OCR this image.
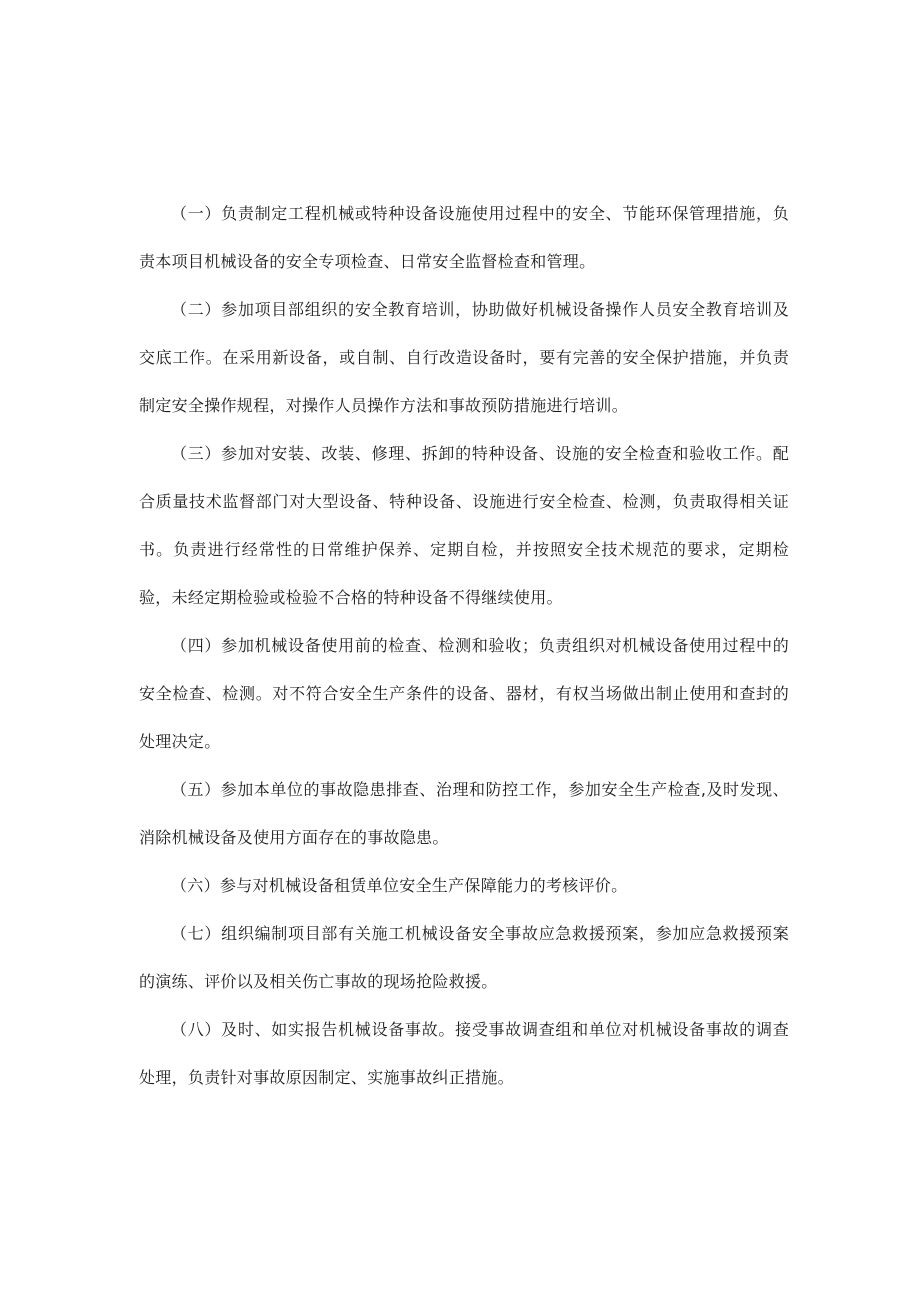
（一）负责制定工程机械或特种设备设施使用过程中的安全、节能环保管理措施，负责本项目机械设备的安全专项检查、日常安全监督检查和管理。

（二）参加项目部组织的安全教育培训，协助做好机械设备操作人员安全教育培训及交底工作。在采用新设备，或自制、自行改造设备时，要有完善的安全保护措施，并负责制定安全操作规程，对操作人员操作方法和事故预防措施进行培训。

（三）参加对安装、改装、修理、拆卸的特种设备、设施的安全检查和验收工作。配合质量技术监督部门对大型设备、特种设备、设施进行安全检查、检测，负责取得相关证书。负责进行经常性的日常维护保养、定期自检，并按照安全技术规范的要求，定期检验，未经定期检验或检验不合格的特种设备不得继续使用。

（四）参加机械设备使用前的检查、检测和验收；负责组织对机械设备使用过程中的安全检查、检测。对不符合安全生产条件的设备、器材，有权当场做出制止使用和查封的处理决定。

（五）参加本单位的事故隐患排查、治理和防控工作，参加安全生产检查,及时发现、消除机械设备及使用方面存在的事故隐患。

（六）参与对机械设备租赁单位安全生产保障能力的考核评价。

（七）组织编制项目部有关施工机械设备安全事故应急救援预案，参加应急救援预案的演练、评价以及相关伤亡事故的现场抢险救援。

（八）及时、如实报告机械设备事故。接受事故调查组和单位对机械设备事故的调查处理，负责针对事故原因制定、实施事故纠正措施。
